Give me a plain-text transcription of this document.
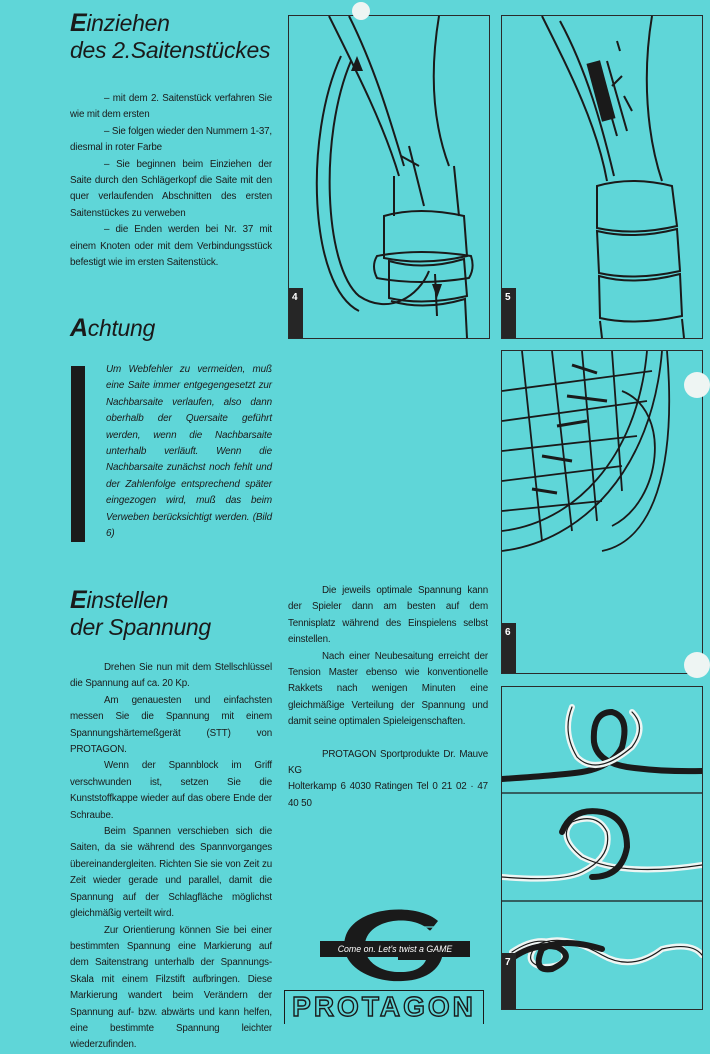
Einziehen
des 2.Saitenstückes

– mit dem 2. Saitenstück verfahren Sie wie mit dem ersten

– Sie folgen wieder den Nummern 1-37, diesmal in roter Farbe

– Sie beginnen beim Einziehen der Saite durch den Schlägerkopf die Saite mit den quer verlaufenden Abschnitten des ersten Saitenstückes zu verweben

– die Enden werden bei Nr. 37 mit einem Knoten oder mit dem Verbindungsstück befestigt wie im ersten Saitenstück.

Achtung
Um Webfehler zu vermeiden, muß eine Saite immer entgegengesetzt zur Nachbarsaite verlaufen, also dann oberhalb der Quersaite geführt werden, wenn die Nachbarsaite unterhalb verläuft. Wenn die Nachbarsaite zunächst noch fehlt und der Zahlenfolge entsprechend später eingezogen wird, muß das beim Verweben berücksichtigt werden. (Bild 6)
Einstellen
der Spannung

Drehen Sie nun mit dem Stellschlüssel die Spannung auf ca. 20 Kp.

Am genauesten und einfachsten messen Sie die Spannung mit einem Spannungshärtemeßgerät (STT) von PROTAGON.

Wenn der Spannblock im Griff verschwunden ist, setzen Sie die Kunststoffkappe wieder auf das obere Ende der Schraube.

Beim Spannen verschieben sich die Saiten, da sie während des Spannvorganges übereinandergleiten. Richten Sie sie von Zeit zu Zeit wieder gerade und parallel, damit die Spannung auf der Schlagfläche möglichst gleichmäßig verteilt wird.

Zur Orientierung können Sie bei einer bestimmten Spannung eine Markierung auf dem Saitenstrang unterhalb der Spannungs-Skala mit einem Filzstift aufbringen. Diese Markierung wandert beim Verändern der Spannung auf- bzw. abwärts und kann helfen, eine bestimmte Spannung leichter wiederzufinden.

Die jeweils optimale Spannung kann der Spieler dann am besten auf dem Tennisplatz während des Einspielens selbst einstellen.

Nach einer Neubesaitung erreicht der Tension Master ebenso wie konventionelle Rakkets nach wenigen Minuten eine gleichmäßige Verteilung der Spannung und damit seine optimalen Spieleigenschaften.

PROTAGON Sportprodukte Dr. Mauve KG

Holterkamp 6 4030 Ratingen Tel 0 21 02 · 47 40 50

4	5
6
7
Come on. Let's twist a GAME
PROTAGON
